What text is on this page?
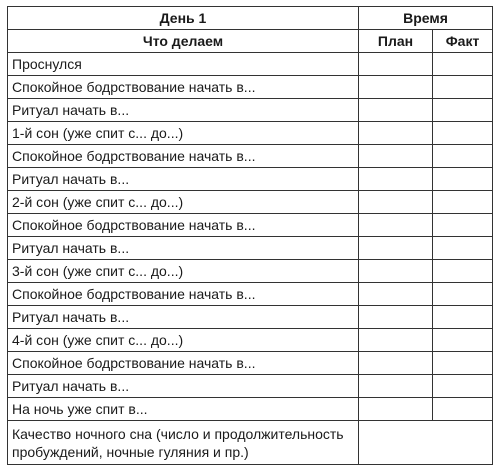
День 1	Время	
Что делаем	План	Факт
Проснулся		
Спокойное бодрствование начать в...		
Ритуал начать в...		
1-й сон (уже спит с... до...)		
Спокойное бодрствование начать в...		
Ритуал начать в...		
2-й сон (уже спит с... до...)		
Спокойное бодрствование начать в...		
Ритуал начать в...		
3-й сон (уже спит с... до...)		
Спокойное бодрствование начать в...		
Ритуал начать в...		
4-й сон (уже спит с... до...)		
Спокойное бодрствование начать в...		
Ритуал начать в...		
На ночь уже спит в...		
Качество ночного сна (число и продолжительность пробуждений, ночные гуляния и пр.)		
